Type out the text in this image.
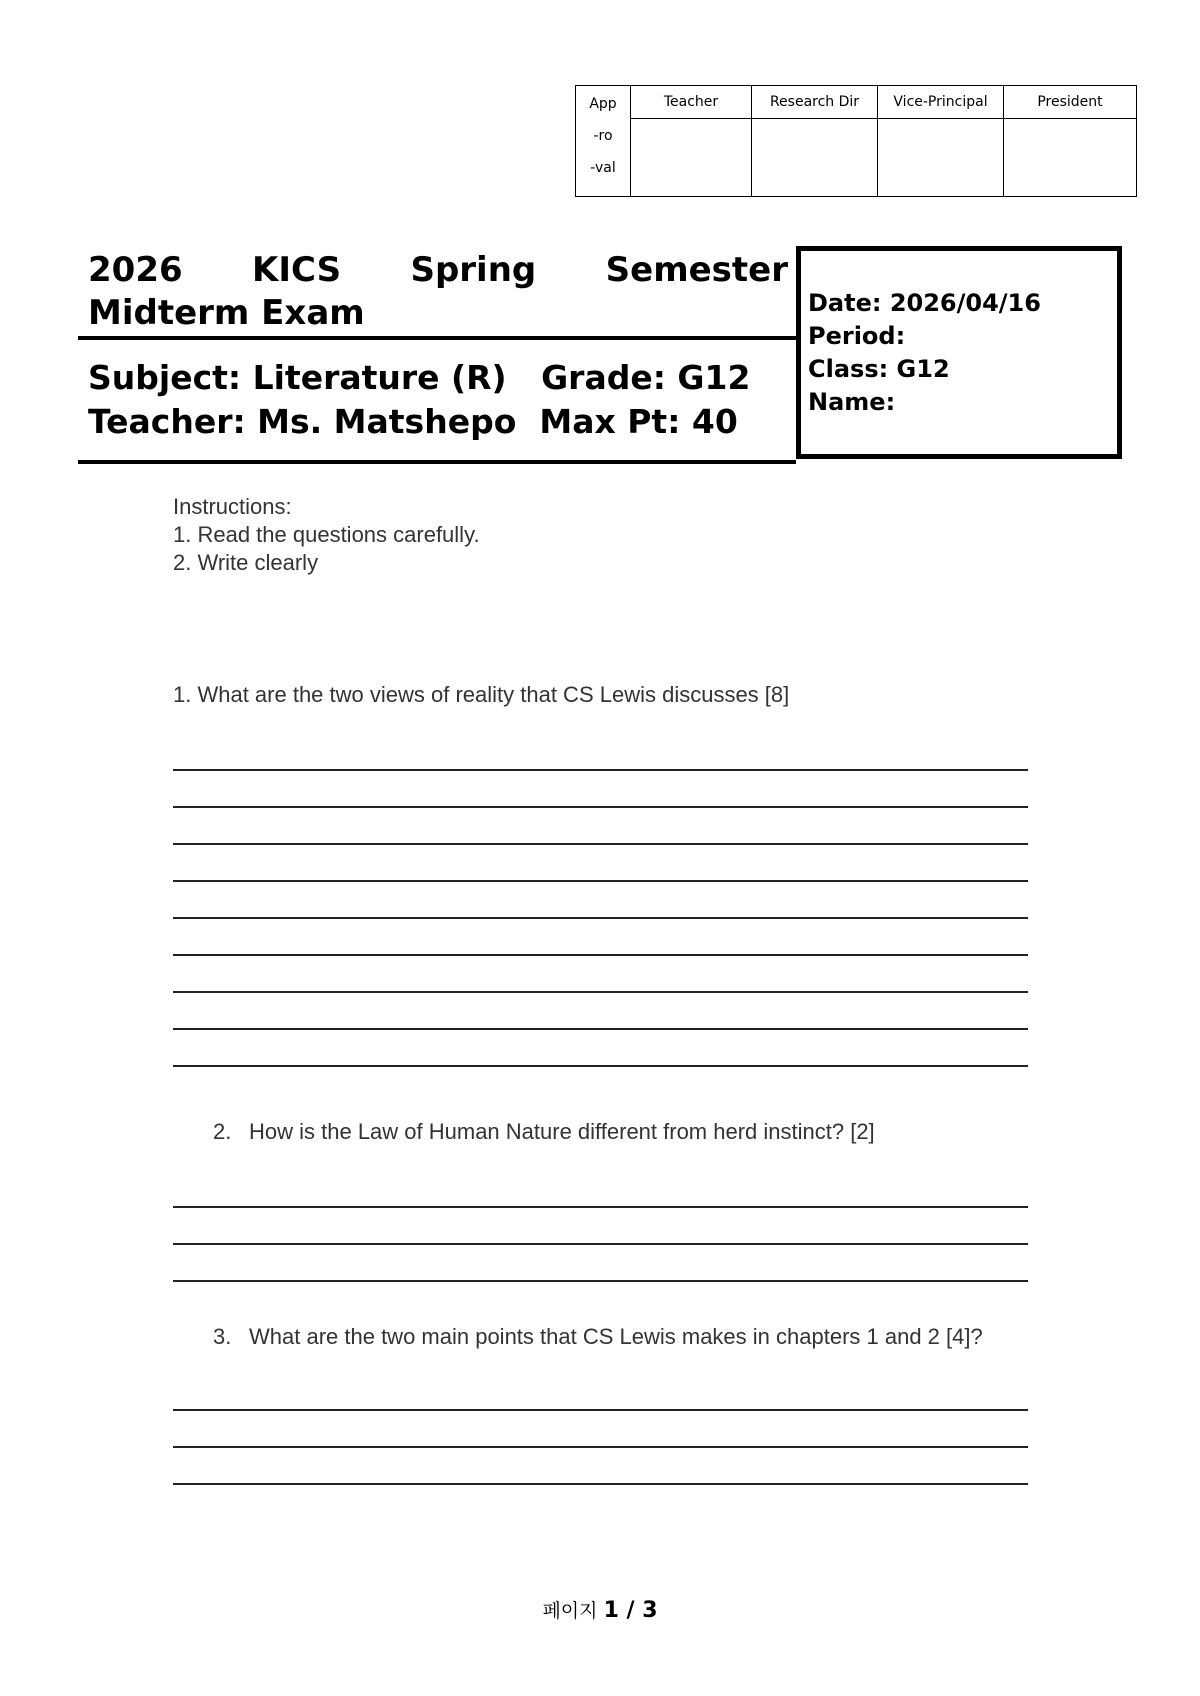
App
-ro
-val	Teacher	Research Dir	Vice-Principal	President

2026 KICS Spring Semester
Midterm Exam
Subject: Literature (R)   Grade: G12
Teacher: Ms. Matshepo  Max Pt: 40
Date: 2026/04/16
Period:
Class: G12
Name:
Instructions:
1. Read the questions carefully.
2. Write clearly
1. What are the two views of reality that CS Lewis discusses [8]
2. How is the Law of Human Nature different from herd instinct? [2]
3. What are the two main points that CS Lewis makes in chapters 1 and 2 [4]?
페이지 1 / 3
